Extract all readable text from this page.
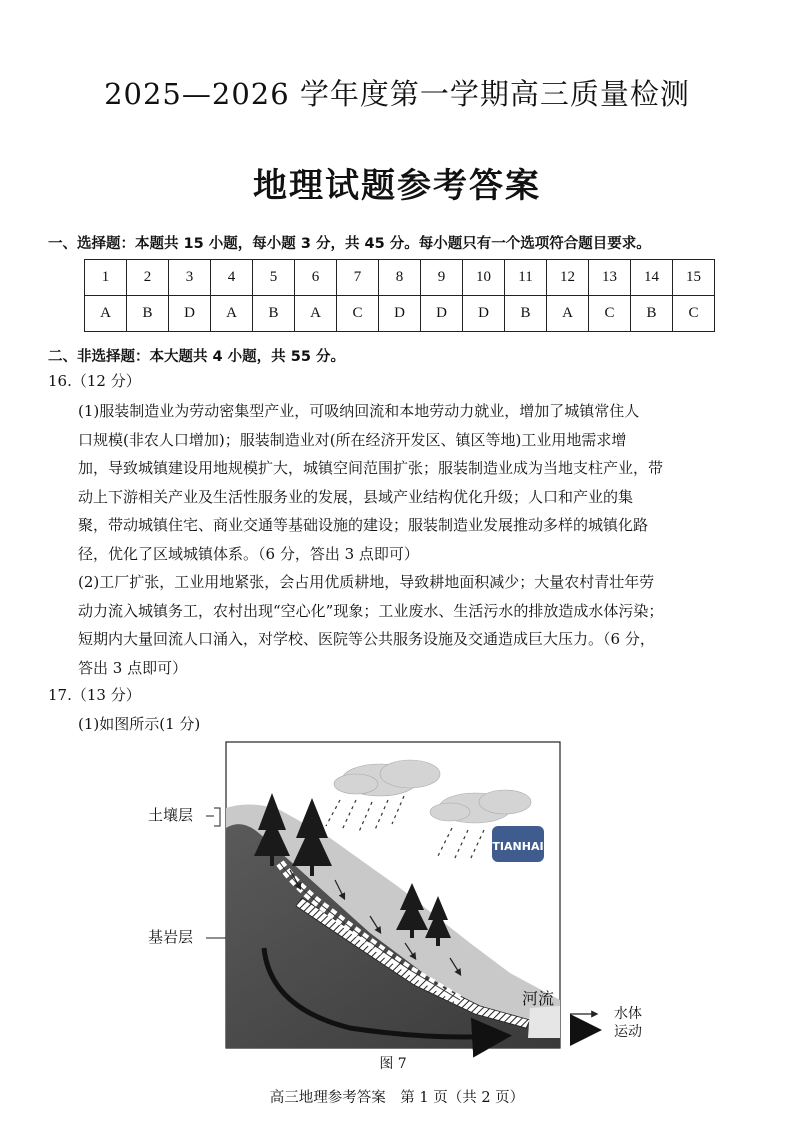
2025—2026 学年度第一学期高三质量检测
地理试题参考答案
一、选择题：本题共 15 小题，每小题 3 分，共 45 分。每小题只有一个选项符合题目要求。
1	2	3	4	5	6	7	8	9	10	11	12	13	14	15
A	B	D	A	B	A	C	D	D	D	B	A	C	B	C
二、非选择题：本大题共 4 小题，共 55 分。
16.（12 分）
(1)服装制造业为劳动密集型产业，可吸纳回流和本地劳动力就业，增加了城镇常住人
口规模(非农人口增加)；服装制造业对(所在经济开发区、镇区等地)工业用地需求增
加，导致城镇建设用地规模扩大，城镇空间范围扩张；服装制造业成为当地支柱产业，带
动上下游相关产业及生活性服务业的发展，县域产业结构优化升级；人口和产业的集
聚，带动城镇住宅、商业交通等基础设施的建设；服装制造业发展推动多样的城镇化路
径，优化了区域城镇体系。（6 分，答出 3 点即可）
(2)工厂扩张，工业用地紧张，会占用优质耕地，导致耕地面积减少；大量农村青壮年劳
动力流入城镇务工，农村出现“空心化”现象；工业废水、生活污水的排放造成水体污染；
短期内大量回流人口涌入，对学校、医院等公共服务设施及交通造成巨大压力。（6 分，
答出 3 点即可）
17.（13 分）
(1)如图所示(1 分)
TIANHAI
土壤层
基岩层
河流
水体
运动
图 7
高三地理参考答案　第 1 页（共 2 页）
